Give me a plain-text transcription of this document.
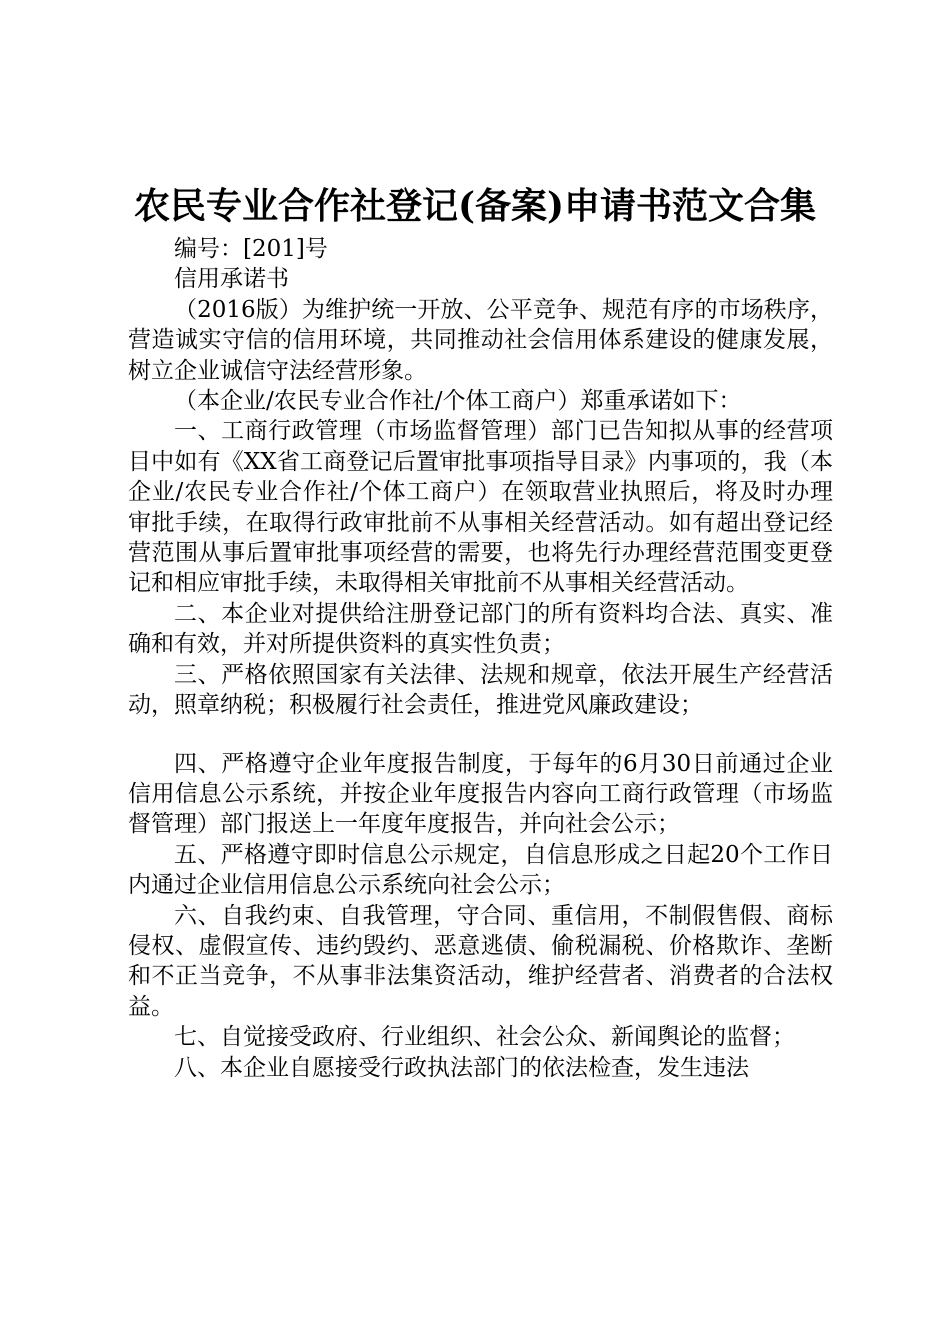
农民专业合作社登记(备案)申请书范文合集

编号：[201]号

信用承诺书

（2016版）为维护统一开放、公平竞争、规范有序的市场秩序，营造诚实守信的信用环境，共同推动社会信用体系建设的健康发展，树立企业诚信守法经营形象。

（本企业/农民专业合作社/个体工商户）郑重承诺如下：

一、工商行政管理（市场监督管理）部门已告知拟从事的经营项目中如有《XX省工商登记后置审批事项指导目录》内事项的，我（本企业/农民专业合作社/个体工商户）在领取营业执照后，将及时办理审批手续，在取得行政审批前不从事相关经营活动。如有超出登记经营范围从事后置审批事项经营的需要，也将先行办理经营范围变更登记和相应审批手续，未取得相关审批前不从事相关经营活动。

二、本企业对提供给注册登记部门的所有资料均合法、真实、准确和有效，并对所提供资料的真实性负责；

三、严格依照国家有关法律、法规和规章，依法开展生产经营活动，照章纳税；积极履行社会责任，推进党风廉政建设；

四、严格遵守企业年度报告制度，于每年的6月30日前通过企业信用信息公示系统，并按企业年度报告内容向工商行政管理（市场监督管理）部门报送上一年度年度报告，并向社会公示；

五、严格遵守即时信息公示规定，自信息形成之日起20个工作日内通过企业信用信息公示系统向社会公示；

六、自我约束、自我管理，守合同、重信用，不制假售假、商标侵权、虚假宣传、违约毁约、恶意逃债、偷税漏税、价格欺诈、垄断和不正当竞争，不从事非法集资活动，维护经营者、消费者的合法权益。

七、自觉接受政府、行业组织、社会公众、新闻舆论的监督；

八、本企业自愿接受行政执法部门的依法检查，发生违法
